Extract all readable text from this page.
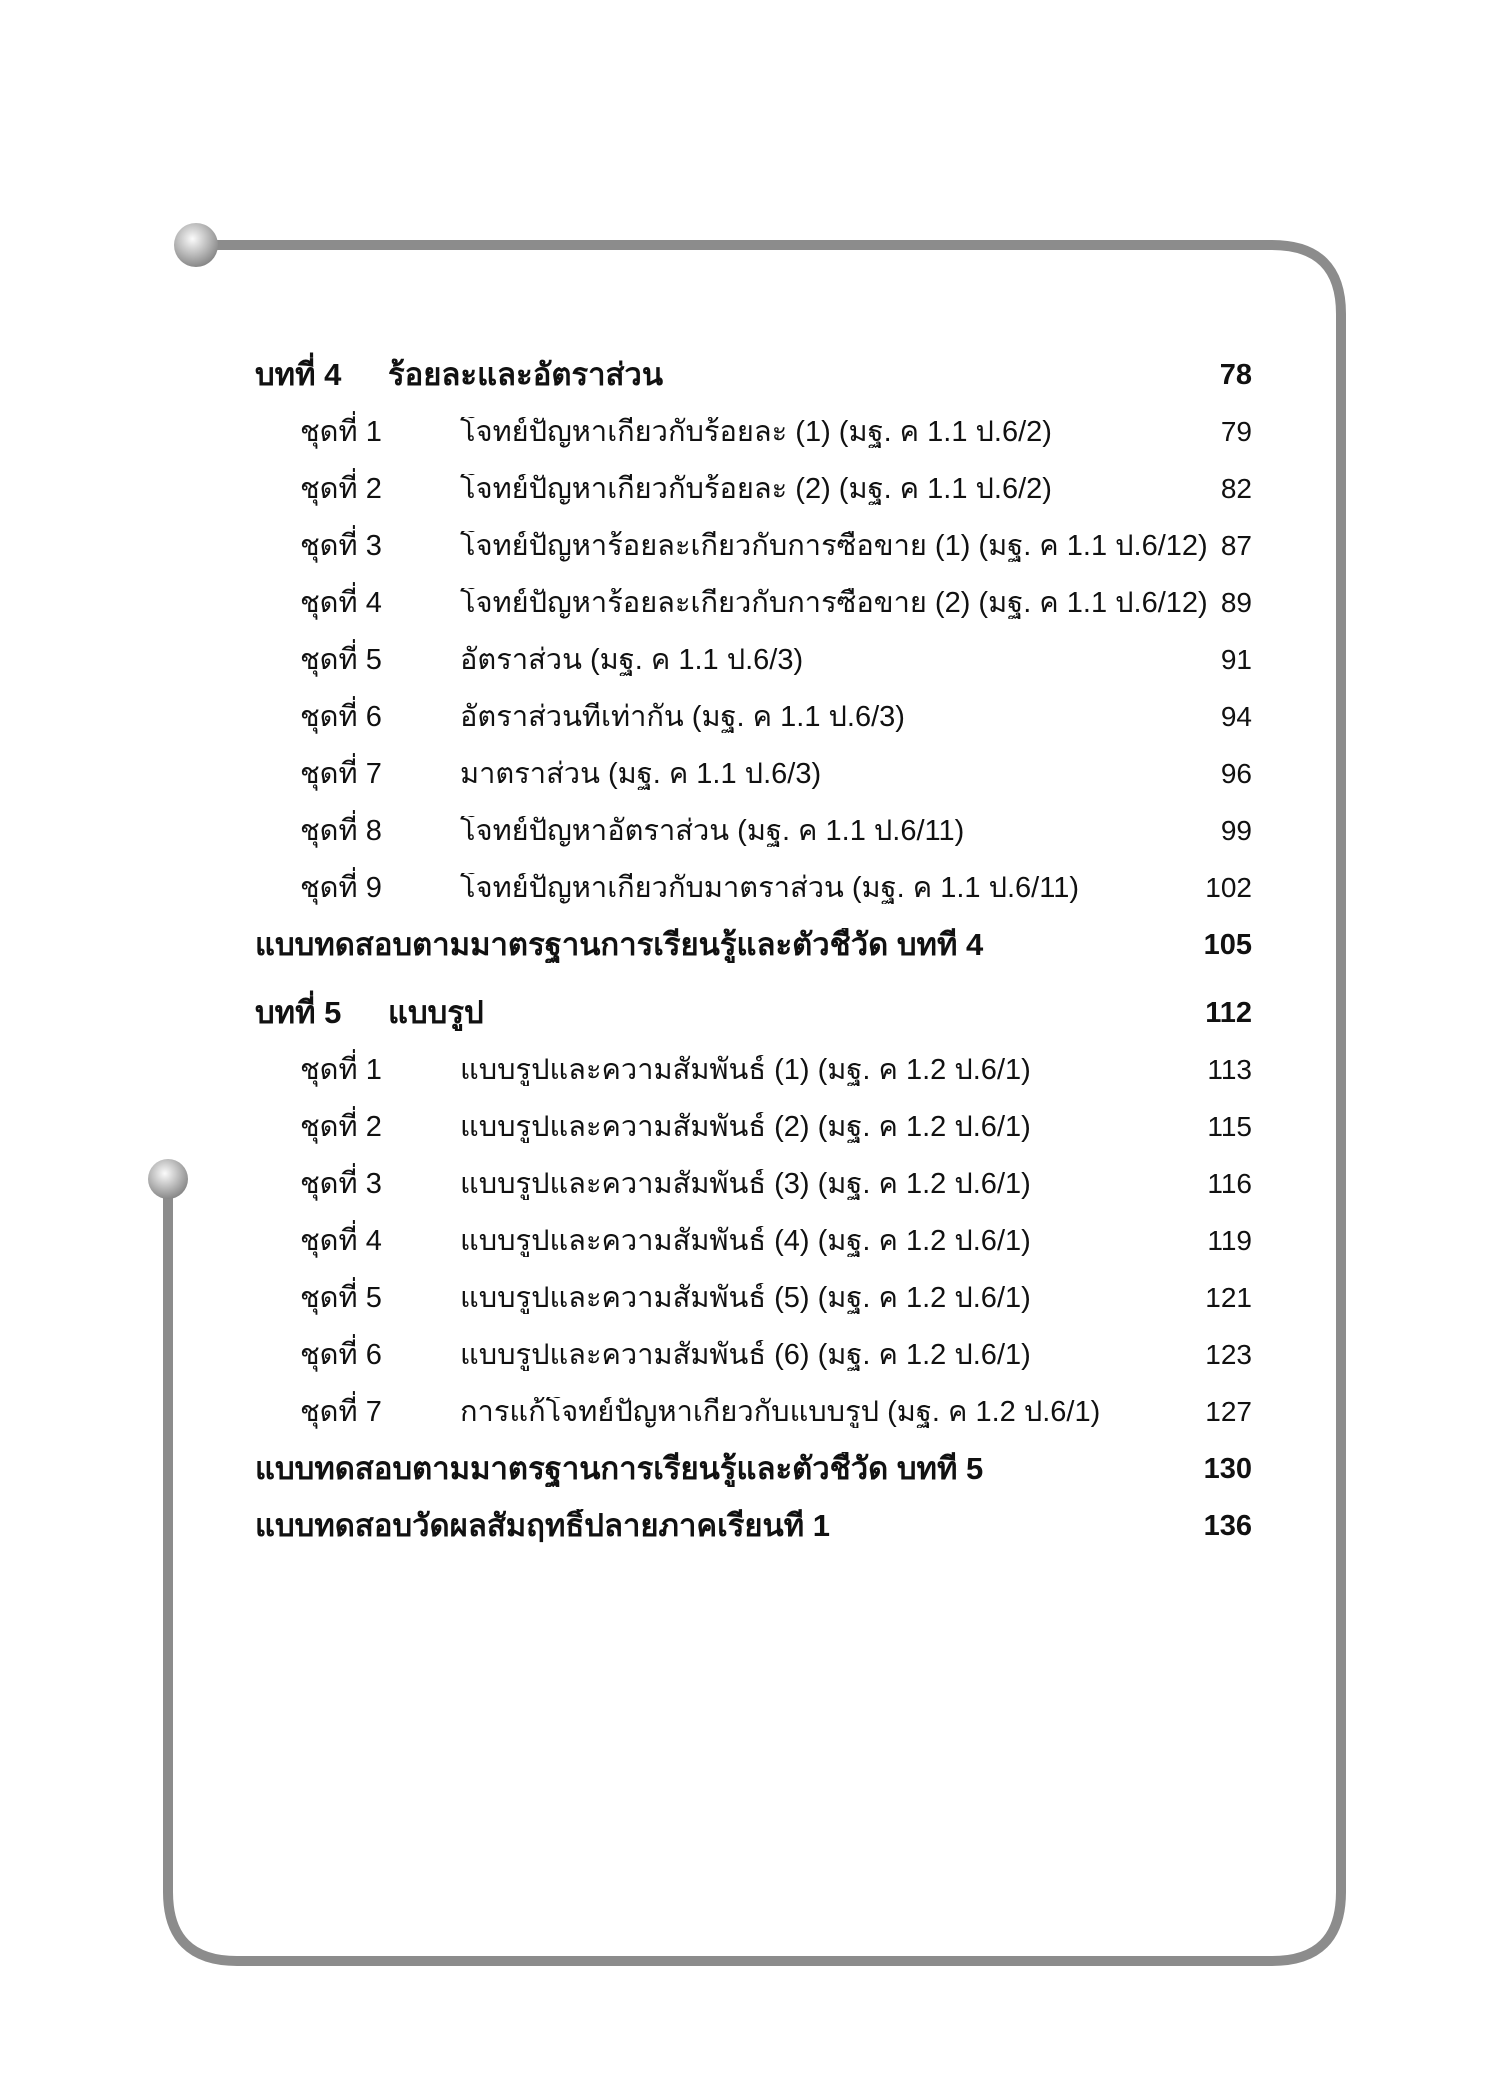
บทที่ 4	ร้อยละและอัตราส่วน	78
ชุดที่ 1	โจทย์ปัญหาเกี่ยวกับร้อยละ (1) (มฐ. ค 1.1 ป.6/2)	79
ชุดที่ 2	โจทย์ปัญหาเกี่ยวกับร้อยละ (2) (มฐ. ค 1.1 ป.6/2)	82
ชุดที่ 3	โจทย์ปัญหาร้อยละเกี่ยวกับการซื้อขาย (1) (มฐ. ค 1.1 ป.6/12) 87
ชุดที่ 4	โจทย์ปัญหาร้อยละเกี่ยวกับการซื้อขาย (2) (มฐ. ค 1.1 ป.6/12) 89
ชุดที่ 5	อัตราส่วน (มฐ. ค 1.1 ป.6/3)	91
ชุดที่ 6	อัตราส่วนที่เท่ากัน (มฐ. ค 1.1 ป.6/3)	94
ชุดที่ 7	มาตราส่วน (มฐ. ค 1.1 ป.6/3)	96
ชุดที่ 8	โจทย์ปัญหาอัตราส่วน (มฐ. ค 1.1 ป.6/11)	99
ชุดที่ 9	โจทย์ปัญหาเกี่ยวกับมาตราส่วน (มฐ. ค 1.1 ป.6/11)	102
แบบทดสอบตามมาตรฐานการเรียนรู้และตัวชี้วัด บทที่ 4	105
บทที่ 5	แบบรูป	112
ชุดที่ 1	แบบรูปและความสัมพันธ์ (1) (มฐ. ค 1.2 ป.6/1)	113
ชุดที่ 2	แบบรูปและความสัมพันธ์ (2) (มฐ. ค 1.2 ป.6/1)	115
ชุดที่ 3	แบบรูปและความสัมพันธ์ (3) (มฐ. ค 1.2 ป.6/1)	116
ชุดที่ 4	แบบรูปและความสัมพันธ์ (4) (มฐ. ค 1.2 ป.6/1)	119
ชุดที่ 5	แบบรูปและความสัมพันธ์ (5) (มฐ. ค 1.2 ป.6/1)	121
ชุดที่ 6	แบบรูปและความสัมพันธ์ (6) (มฐ. ค 1.2 ป.6/1)	123
ชุดที่ 7	การแก้โจทย์ปัญหาเกี่ยวกับแบบรูป (มฐ. ค 1.2 ป.6/1)	127
แบบทดสอบตามมาตรฐานการเรียนรู้และตัวชี้วัด บทที่ 5	130
แบบทดสอบวัดผลสัมฤทธิ์ปลายภาคเรียนที่ 1	136
